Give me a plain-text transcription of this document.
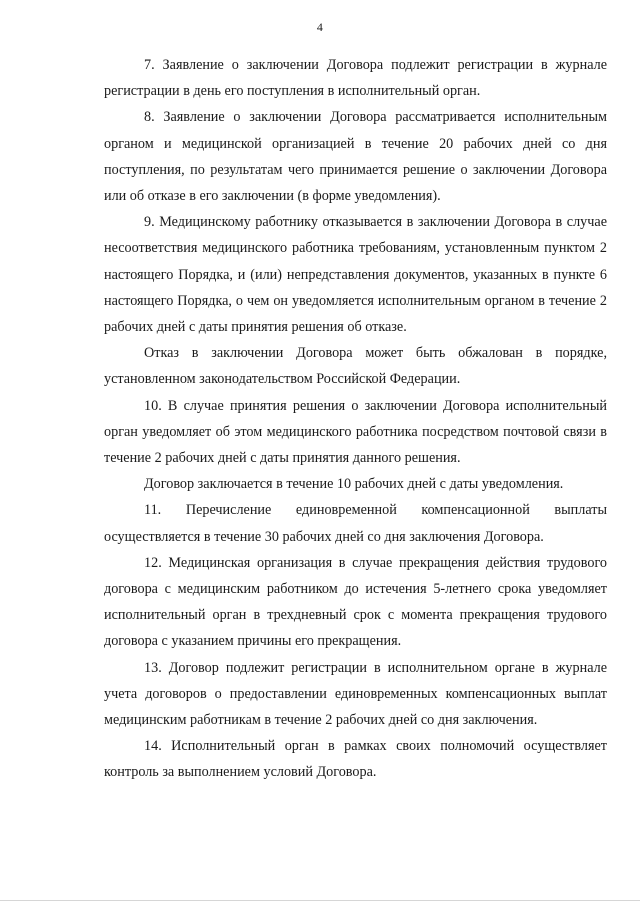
4

7. Заявление о заключении Договора подлежит регистрации в журнале регистрации в день его поступления в исполнительный орган.

8. Заявление о заключении Договора рассматривается исполнительным органом и медицинской организацией в течение 20 рабочих дней со дня поступления, по результатам чего принимается решение о заключении Договора или об отказе в его заключении (в форме уведомления).

9. Медицинскому работнику отказывается в заключении Договора в случае несоответствия медицинского работника требованиям, установленным пунктом 2 настоящего Порядка, и (или) непредставления документов, указанных в пункте 6 настоящего Порядка, о чем он уведомляется исполнительным органом в течение 2 рабочих дней с даты принятия решения об отказе.

Отказ в заключении Договора может быть обжалован в порядке, установленном законодательством Российской Федерации.

10. В случае принятия решения о заключении Договора исполнительный орган уведомляет об этом медицинского работника посредством почтовой связи в течение 2 рабочих дней с даты принятия данного решения.

Договор заключается в течение 10 рабочих дней с даты уведомления.

11. Перечисление единовременной компенсационной выплаты осуществляется в течение 30 рабочих дней со дня заключения Договора.

12. Медицинская организация в случае прекращения действия трудового договора с медицинским работником до истечения 5-летнего срока уведомляет исполнительный орган в трехдневный срок с момента прекращения трудового договора с указанием причины его прекращения.

13. Договор подлежит регистрации в исполнительном органе в журнале учета договоров о предоставлении единовременных компенсационных выплат медицинским работникам в течение 2 рабочих дней со дня заключения.

14. Исполнительный орган в рамках своих полномочий осуществляет контроль за выполнением условий Договора.
